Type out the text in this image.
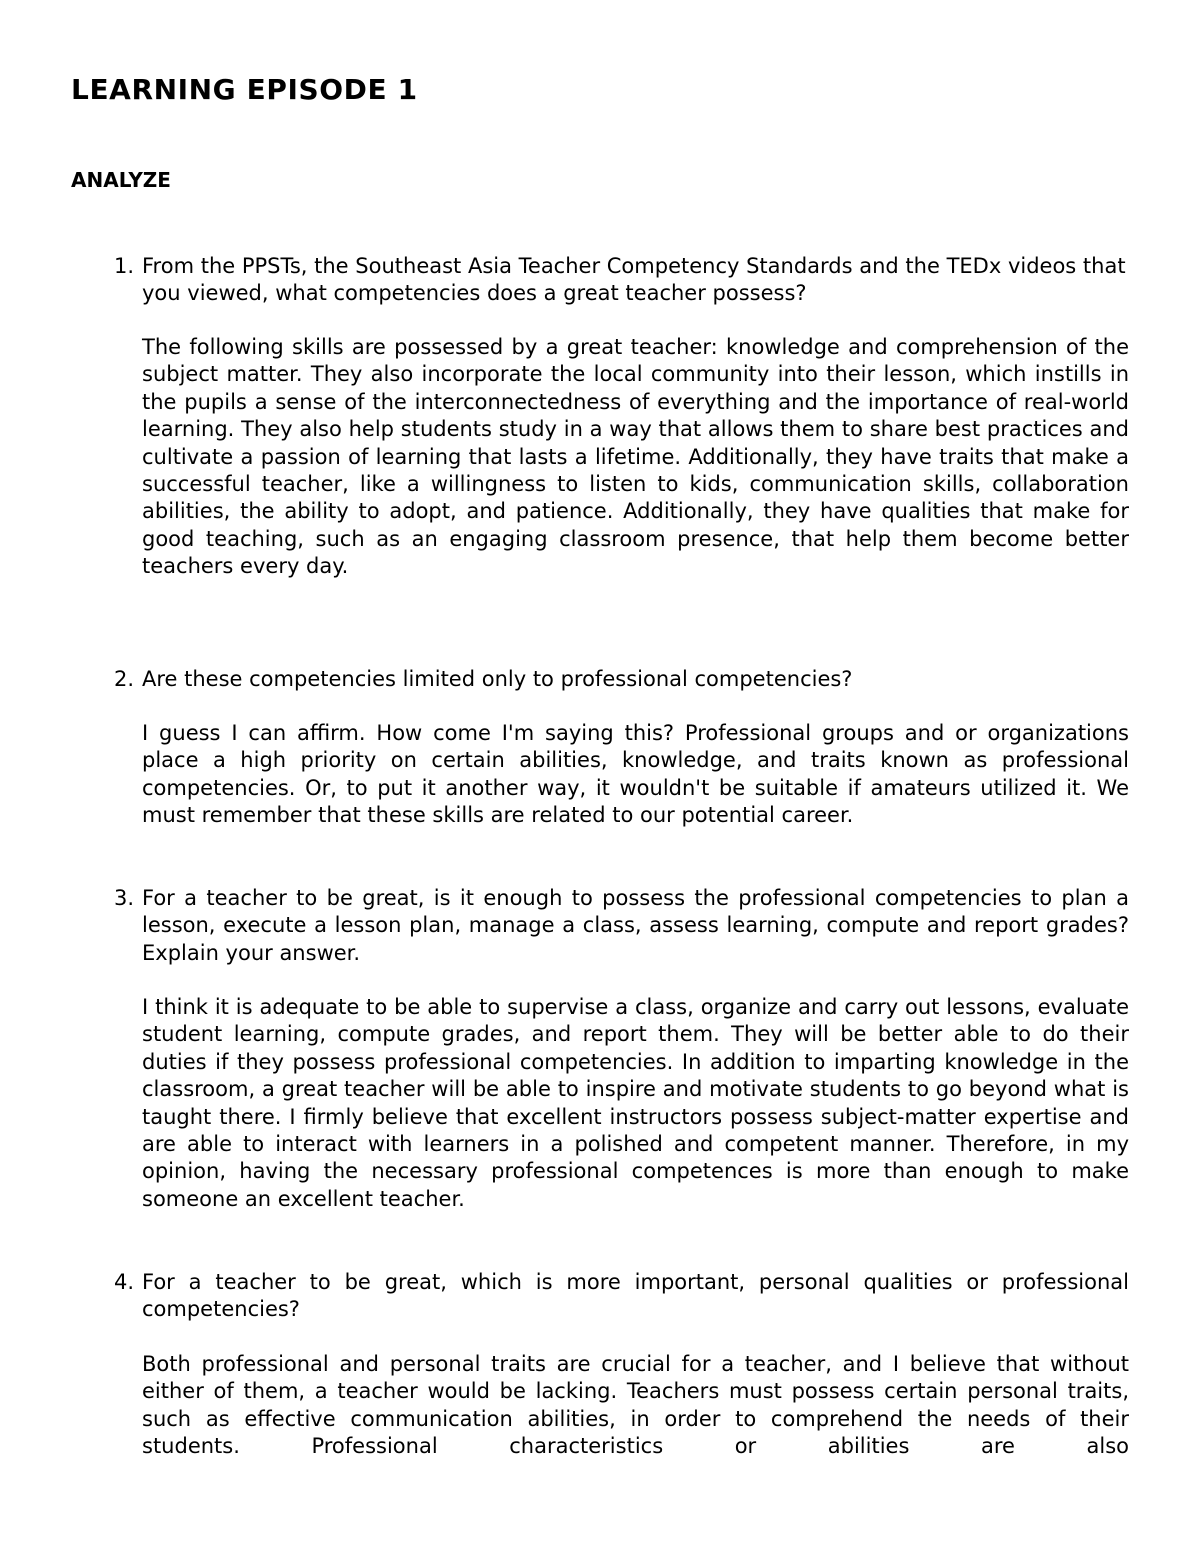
LEARNING EPISODE 1
ANALYZE
1. From the PPSTs, the Southeast Asia Teacher Competency Standards and the TEDx videos that you viewed, what competencies does a great teacher possess?

The following skills are possessed by a great teacher: knowledge and comprehension of the subject matter. They also incorporate the local community into their lesson, which instills in the pupils a sense of the interconnectedness of everything and the importance of real-world learning. They also help students study in a way that allows them to share best practices and cultivate a passion of learning that lasts a lifetime. Additionally, they have traits that make a successful teacher, like a willingness to listen to kids, communication skills, collaboration abilities, the ability to adopt, and patience. Additionally, they have qualities that make for good teaching, such as an engaging classroom presence, that help them become better teachers every day.

2. Are these competencies limited only to professional competencies?

I guess I can affirm. How come I'm saying this? Professional groups and or organizations place a high priority on certain abilities, knowledge, and traits known as professional competencies. Or, to put it another way, it wouldn't be suitable if amateurs utilized it. We must remember that these skills are related to our potential career.

3. For a teacher to be great, is it enough to possess the professional competencies to plan a lesson, execute a lesson plan, manage a class, assess learning, compute and report grades? Explain your answer.

I think it is adequate to be able to supervise a class, organize and carry out lessons, evaluate student learning, compute grades, and report them. They will be better able to do their duties if they possess professional competencies. In addition to imparting knowledge in the classroom, a great teacher will be able to inspire and motivate students to go beyond what is taught there. I firmly believe that excellent instructors possess subject-matter expertise and are able to interact with learners in a polished and competent manner. Therefore, in my opinion, having the necessary professional competences is more than enough to make someone an excellent teacher.

4. For a teacher to be great, which is more important, personal qualities or professional competencies?

Both professional and personal traits are crucial for a teacher, and I believe that without either of them, a teacher would be lacking. Teachers must possess certain personal traits, such as effective communication abilities, in order to comprehend the needs of their students. Professional characteristics or abilities are also
